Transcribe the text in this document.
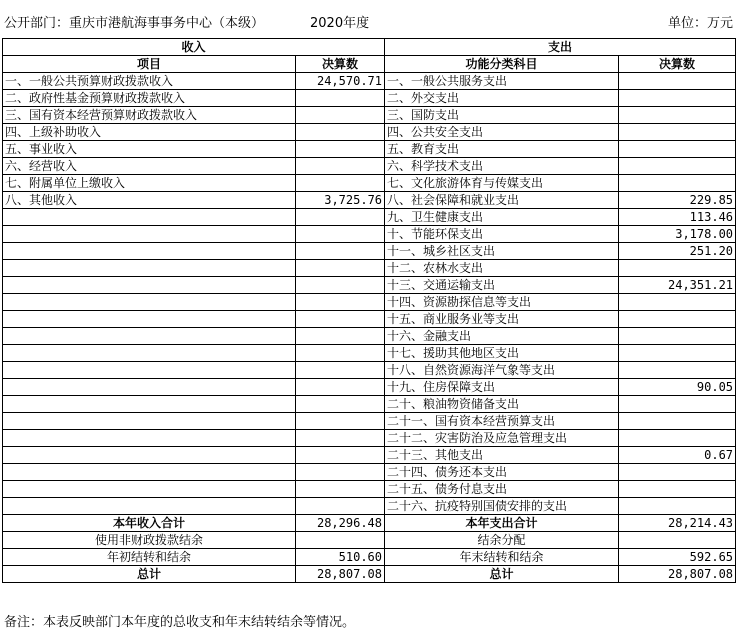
公开部门：重庆市港航海事事务中心（本级）	2020年度	单位：万元
收入		支出	
项目	决算数	功能分类科目	决算数
一、一般公共预算财政拨款收入	24,570.71	一、一般公共服务支出	
二、政府性基金预算财政拨款收入		二、外交支出	
三、国有资本经营预算财政拨款收入		三、国防支出	
四、上级补助收入		四、公共安全支出	
五、事业收入		五、教育支出	
六、经营收入		六、科学技术支出	
七、附属单位上缴收入		七、文化旅游体育与传媒支出	
八、其他收入	3,725.76	八、社会保障和就业支出	229.85
		九、卫生健康支出	113.46
		十、节能环保支出	3,178.00
		十一、城乡社区支出	251.20
		十二、农林水支出	
		十三、交通运输支出	24,351.21
		十四、资源勘探信息等支出	
		十五、商业服务业等支出	
		十六、金融支出	
		十七、援助其他地区支出	
		十八、自然资源海洋气象等支出	
		十九、住房保障支出	90.05
		二十、粮油物资储备支出	
		二十一、国有资本经营预算支出	
		二十二、灾害防治及应急管理支出	
		二十三、其他支出	0.67
		二十四、债务还本支出	
		二十五、债务付息支出	
		二十六、抗疫特别国债安排的支出	
本年收入合计	28,296.48	本年支出合计	28,214.43
使用非财政拨款结余		结余分配	
年初结转和结余	510.60	年末结转和结余	592.65
总计	28,807.08	总计	28,807.08
备注：本表反映部门本年度的总收支和年末结转结余等情况。
